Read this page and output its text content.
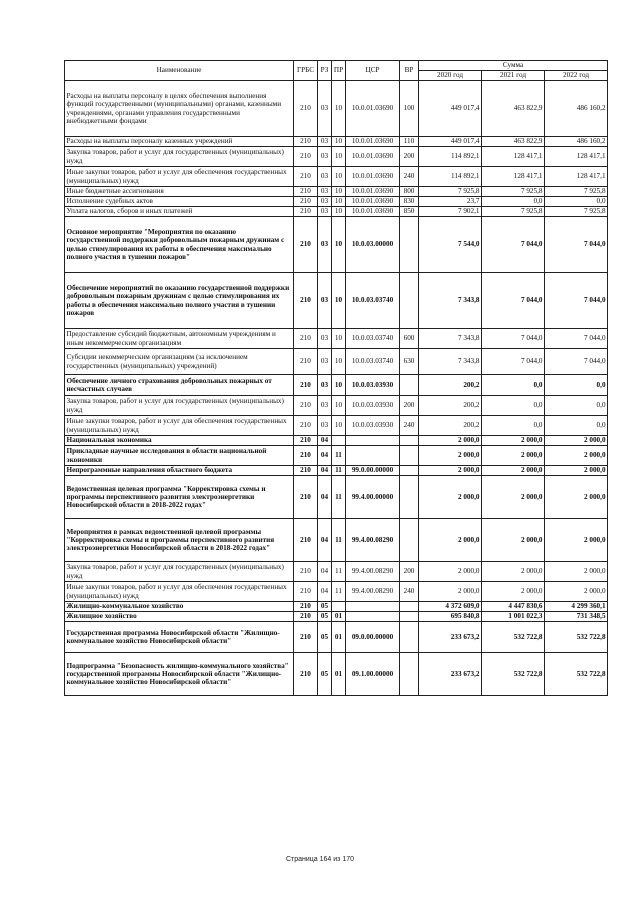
Наименование	ГРБС	РЗ	ПР	ЦСР	ВР	Сумма		
						2020 год	2021 год	2022 год
Расходы на выплаты персоналу в целях обеспечения выполнения функций государственными (муниципальными) органами, казенными учреждениями, органами управления государственными внебюджетными фондами	210	03	10	10.0.01.03690	100	449 017,4	463 822,9	486 160,2
Расходы на выплаты персоналу казенных учреждений	210	03	10	10.0.01.03690	110	449 017,4	463 822,9	486 160,2
Закупка товаров, работ и услуг для государственных (муниципальных) нужд	210	03	10	10.0.01.03690	200	114 892,1	128 417,1	128 417,1
Иные закупки товаров, работ и услуг для обеспечения государственных (муниципальных) нужд	210	03	10	10.0.01.03690	240	114 892,1	128 417,1	128 417,1
Иные бюджетные ассигнования	210	03	10	10.0.01.03690	800	7 925,8	7 925,8	7 925,8
Исполнение судебных актов	210	03	10	10.0.01.03690	830	23,7	0,0	0,0
Уплата налогов, сборов и иных платежей	210	03	10	10.0.01.03690	850	7 902,1	7 925,8	7 925,8
Основное мероприятие "Мероприятия по оказанию государственной поддержки добровольным пожарным дружинам с целью стимулирования их работы в обеспечения максимально полного участия в тушении пожаров"	210	03	10	10.0.03.00000		7 544,0	7 044,0	7 044,0
Обеспечение мероприятий по оказанию государственной поддержки добровольным пожарным дружинам с целью стимулирования их работы в обеспечения максимально полного участия в тушении пожаров	210	03	10	10.0.03.03740		7 343,8	7 044,0	7 044,0
Предоставление субсидий бюджетным, автономным учреждениям и иным некоммерческим организациям	210	03	10	10.0.03.03740	600	7 343,8	7 044,0	7 044,0
Субсидии некоммерческим организациям (за исключением государственных (муниципальных) учреждений)	210	03	10	10.0.03.03740	630	7 343,8	7 044,0	7 044,0
Обеспечение личного страхования добровольных пожарных от несчастных случаев	210	03	10	10.0.03.03930		200,2	0,0	0,0
Закупка товаров, работ и услуг для государственных (муниципальных) нужд	210	03	10	10.0.03.03930	200	200,2	0,0	0,0
Иные закупки товаров, работ и услуг для обеспечения государственных (муниципальных) нужд	210	03	10	10.0.03.03930	240	200,2	0,0	0,0
Национальная экономика	210	04				2 000,0	2 000,0	2 000,0
Прикладные научные исследования в области национальной экономики	210	04	11			2 000,0	2 000,0	2 000,0
Непрограммные направления областного бюджета	210	04	11	99.0.00.00000		2 000,0	2 000,0	2 000,0
Ведомственная целевая программа "Корректировка схемы и программы перспективного развития электроэнергетики Новосибирской области в 2018-2022 годах"	210	04	11	99.4.00.00000		2 000,0	2 000,0	2 000,0
Мероприятия в рамках ведомственной целевой программы "Корректировка схемы и программы перспективного развития электроэнергетики Новосибирской области в 2018-2022 годах"	210	04	11	99.4.00.08290		2 000,0	2 000,0	2 000,0
Закупка товаров, работ и услуг для государственных (муниципальных) нужд	210	04	11	99.4.00.08290	200	2 000,0	2 000,0	2 000,0
Иные закупки товаров, работ и услуг для обеспечения государственных (муниципальных) нужд	210	04	11	99.4.00.08290	240	2 000,0	2 000,0	2 000,0
Жилищно-коммунальное хозяйство	210	05				4 372 609,0	4 447 830,6	4 299 360,1
Жилищное хозяйство	210	05	01			695 840,8	1 001 022,3	731 348,5
Государственная программа Новосибирской области "Жилищно-коммунальное хозяйство Новосибирской области"	210	05	01	09.0.00.00000		233 673,2	532 722,8	532 722,8
Подпрограмма "Безопасность жилищно-коммунального хозяйства" государственной программы Новосибирской области "Жилищно-коммунальное хозяйство Новосибирской области"	210	05	01	09.1.00.00000		233 673,2	532 722,8	532 722,8
Страница 164 из 170
